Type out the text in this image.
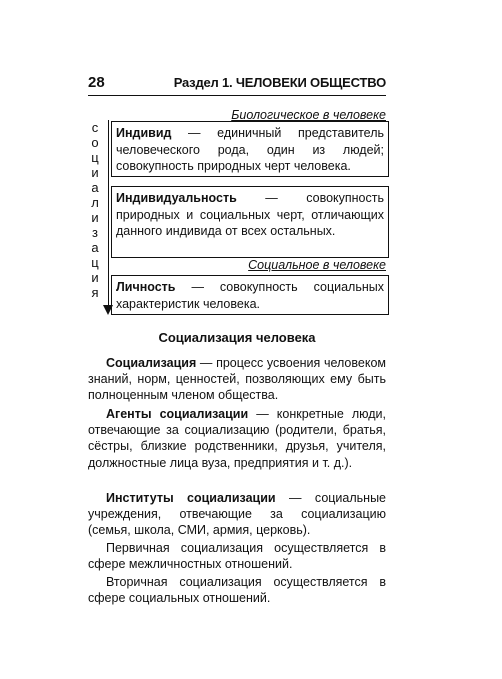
28	Раздел 1. ЧЕЛОВЕКИ ОБЩЕСТВО
Биологическое в человеке
Социальное в человеке
с
о
ц
и
а
л
и
з
а
ц
и
я
Индивид — единичный представитель человеческого рода, один из людей; совокупность природных черт человека.
Индивидуальность — совокупность природных и социальных черт, отличающих данного индивида от всех остальных.
Личность — совокупность социальных характеристик человека.
Социализация человека
Социализация — процесс усвоения человеком знаний, норм, ценностей, позволяющих ему быть полноценным членом общества.
Агенты социализации — конкретные люди, отвечающие за социализацию (родители, братья, сёстры, близкие родственники, друзья, учителя, должностные лица вуза, предприятия и т. д.).
Институты социализации — социальные учреждения, отвечающие за социализацию (семья, школа, СМИ, армия, церковь).
Первичная социализация осуществляется в сфере межличностных отношений.
Вторичная социализация осуществляется в сфере социальных отношений.
